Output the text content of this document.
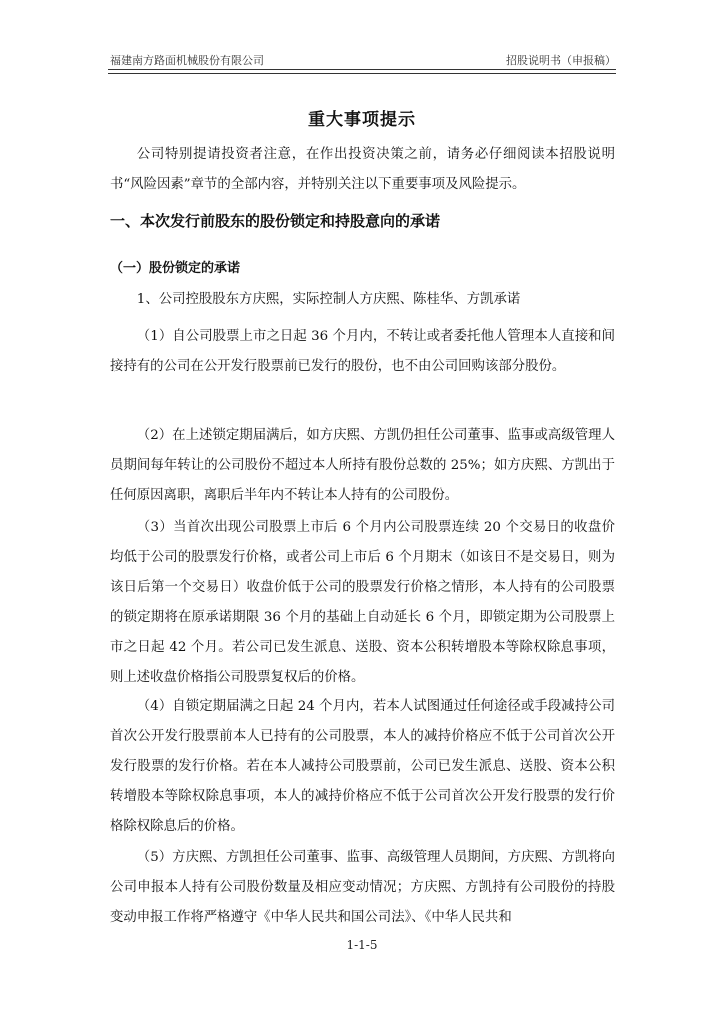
福建南方路面机械股份有限公司	招股说明书（申报稿）
重大事项提示

公司特别提请投资者注意，在作出投资决策之前，请务必仔细阅读本招股说明书“风险因素”章节的全部内容，并特别关注以下重要事项及风险提示。

一、本次发行前股东的股份锁定和持股意向的承诺
（一）股份锁定的承诺

1、公司控股股东方庆熙，实际控制人方庆熙、陈桂华、方凯承诺

（1）自公司股票上市之日起 36 个月内，不转让或者委托他人管理本人直接和间接持有的公司在公开发行股票前已发行的股份，也不由公司回购该部分股份。

（2）在上述锁定期届满后，如方庆熙、方凯仍担任公司董事、监事或高级管理人员期间每年转让的公司股份不超过本人所持有股份总数的 25%；如方庆熙、方凯出于任何原因离职，离职后半年内不转让本人持有的公司股份。

（3）当首次出现公司股票上市后 6 个月内公司股票连续 20 个交易日的收盘价均低于公司的股票发行价格，或者公司上市后 6 个月期末（如该日不是交易日，则为该日后第一个交易日）收盘价低于公司的股票发行价格之情形，本人持有的公司股票的锁定期将在原承诺期限 36 个月的基础上自动延长 6 个月，即锁定期为公司股票上市之日起 42 个月。若公司已发生派息、送股、资本公积转增股本等除权除息事项，则上述收盘价格指公司股票复权后的价格。

（4）自锁定期届满之日起 24 个月内，若本人试图通过任何途径或手段减持公司首次公开发行股票前本人已持有的公司股票，本人的减持价格应不低于公司首次公开发行股票的发行价格。若在本人减持公司股票前，公司已发生派息、送股、资本公积转增股本等除权除息事项，本人的减持价格应不低于公司首次公开发行股票的发行价格除权除息后的价格。

（5）方庆熙、方凯担任公司董事、监事、高级管理人员期间，方庆熙、方凯将向公司申报本人持有公司股份数量及相应变动情况；方庆熙、方凯持有公司股份的持股变动申报工作将严格遵守《中华人民共和国公司法》、《中华人民共和

1-1-5
